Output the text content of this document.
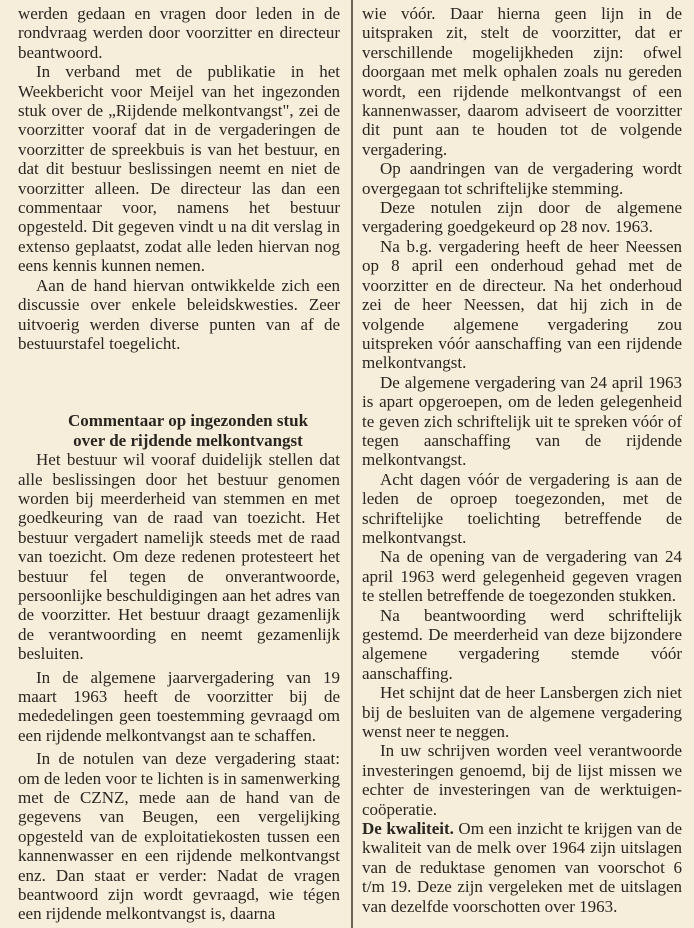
werden gedaan en vragen door leden in de rondvraag werden door voorzitter en directeur beantwoord.

In verband met de publikatie in het Weekbericht voor Meijel van het ingezonden stuk over de „Rijdende melkontvangst", zei de voorzitter vooraf dat in de vergaderingen de voorzitter de spreekbuis is van het bestuur, en dat dit bestuur beslissingen neemt en niet de voorzitter alleen. De directeur las dan een commentaar voor, namens het bestuur opgesteld. Dit gegeven vindt u na dit verslag in extenso geplaatst, zodat alle leden hiervan nog eens kennis kunnen nemen.

Aan de hand hiervan ontwikkelde zich een discussie over enkele beleidskwesties. Zeer uitvoerig werden diverse punten van af de bestuurstafel toegelicht.

Commentaar op ingezonden stuk

over de rijdende melkontvangst

Het bestuur wil vooraf duidelijk stellen dat alle beslissingen door het bestuur genomen worden bij meerderheid van stemmen en met goedkeuring van de raad van toezicht. Het bestuur vergadert namelijk steeds met de raad van toezicht. Om deze redenen protesteert het bestuur fel tegen de onverantwoorde, persoonlijke beschuldigingen aan het adres van de voorzitter. Het bestuur draagt gezamenlijk de verantwoording en neemt gezamenlijk besluiten.

In de algemene jaarvergadering van 19 maart 1963 heeft de voorzitter bij de mededelingen geen toestemming gevraagd om een rijdende melkontvangst aan te schaffen.

In de notulen van deze vergadering staat: om de leden voor te lichten is in samenwerking met de CZNZ, mede aan de hand van de gegevens van Beugen, een vergelijking opgesteld van de exploitatiekosten tussen een kannenwasser en een rijdende melkontvangst enz. Dan staat er verder: Nadat de vragen beantwoord zijn wordt gevraagd, wie tégen een rijdende melkontvangst is, daarna

wie vóór. Daar hierna geen lijn in de uitspraken zit, stelt de voorzitter, dat er verschillende mogelijkheden zijn: ofwel doorgaan met melk ophalen zoals nu gereden wordt, een rijdende melkontvangst of een kannenwasser, daarom adviseert de voorzitter dit punt aan te houden tot de volgende vergadering.

Op aandringen van de vergadering wordt overgegaan tot schriftelijke stemming.

Deze notulen zijn door de algemene vergadering goedgekeurd op 28 nov. 1963.

Na b.g. vergadering heeft de heer Neessen op 8 april een onderhoud gehad met de voorzitter en de directeur. Na het onderhoud zei de heer Neessen, dat hij zich in de volgende algemene vergadering zou uitspreken vóór aanschaffing van een rijdende melkontvangst.

De algemene vergadering van 24 april 1963 is apart opgeroepen, om de leden gelegenheid te geven zich schriftelijk uit te spreken vóór of tegen aanschaffing van de rijdende melkontvangst.

Acht dagen vóór de vergadering is aan de leden de oproep toegezonden, met de schriftelijke toelichting betreffende de melkontvangst.

Na de opening van de vergadering van 24 april 1963 werd gelegenheid gegeven vragen te stellen betreffende de toegezonden stukken.

Na beantwoording werd schriftelijk gestemd. De meerderheid van deze bijzondere algemene vergadering stemde vóór aanschaffing.

Het schijnt dat de heer Lansbergen zich niet bij de besluiten van de algemene vergadering wenst neer te neggen.

In uw schrijven worden veel verantwoorde investeringen genoemd, bij de lijst missen we echter de investeringen van de werktuigen-coöperatie.

De kwaliteit. Om een inzicht te krijgen van de kwaliteit van de melk over 1964 zijn uitslagen van de reduktase genomen van voorschot 6 t/m 19. Deze zijn vergeleken met de uitslagen van dezelfde voorschotten over 1963.
